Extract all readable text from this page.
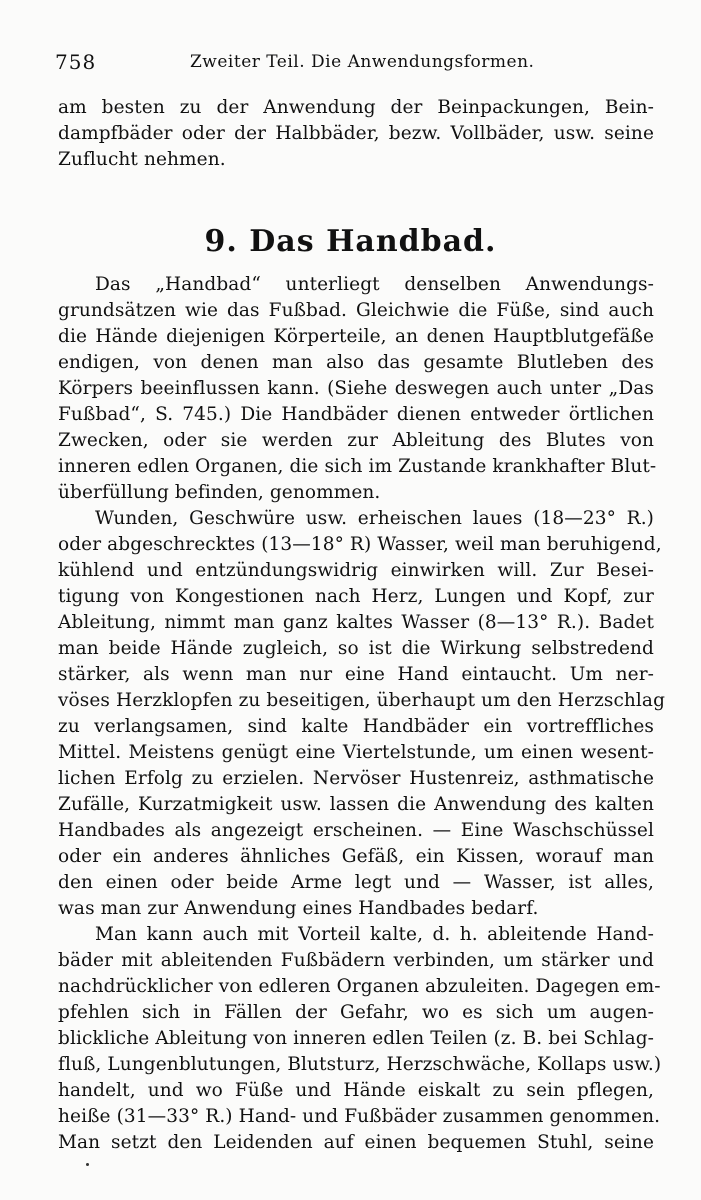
758	Zweiter Teil. Die Anwendungsformen.
am besten zu der Anwendung der Beinpackungen, Bein-
dampfbäder oder der Halbbäder, bezw. Vollbäder, usw. seine
Zuflucht nehmen.
9. Das Handbad.
Das „Handbad“ unterliegt denselben Anwendungs-
grundsätzen wie das Fußbad. Gleichwie die Füße, sind auch
die Hände diejenigen Körperteile, an denen Hauptblutgefäße
endigen, von denen man also das gesamte Blutleben des
Körpers beeinflussen kann. (Siehe deswegen auch unter „Das
Fußbad“, S. 745.) Die Handbäder dienen entweder örtlichen
Zwecken, oder sie werden zur Ableitung des Blutes von
inneren edlen Organen, die sich im Zustande krankhafter Blut-
überfüllung befinden, genommen.
Wunden, Geschwüre usw. erheischen laues (18—23° R.)
oder abgeschrecktes (13—18° R) Wasser, weil man beruhigend,
kühlend und entzündungswidrig einwirken will. Zur Besei-
tigung von Kongestionen nach Herz, Lungen und Kopf, zur
Ableitung, nimmt man ganz kaltes Wasser (8—13° R.). Badet
man beide Hände zugleich, so ist die Wirkung selbstredend
stärker, als wenn man nur eine Hand eintaucht. Um ner-
vöses Herzklopfen zu beseitigen, überhaupt um den Herzschlag
zu verlangsamen, sind kalte Handbäder ein vortreffliches
Mittel. Meistens genügt eine Viertelstunde, um einen wesent-
lichen Erfolg zu erzielen. Nervöser Hustenreiz, asthmatische
Zufälle, Kurzatmigkeit usw. lassen die Anwendung des kalten
Handbades als angezeigt erscheinen. — Eine Waschschüssel
oder ein anderes ähnliches Gefäß, ein Kissen, worauf man
den einen oder beide Arme legt und — Wasser, ist alles,
was man zur Anwendung eines Handbades bedarf.
Man kann auch mit Vorteil kalte, d. h. ableitende Hand-
bäder mit ableitenden Fußbädern verbinden, um stärker und
nachdrücklicher von edleren Organen abzuleiten. Dagegen em-
pfehlen sich in Fällen der Gefahr, wo es sich um augen-
blickliche Ableitung von inneren edlen Teilen (z. B. bei Schlag-
fluß, Lungenblutungen, Blutsturz, Herzschwäche, Kollaps usw.)
handelt, und wo Füße und Hände eiskalt zu sein pflegen,
heiße (31—33° R.) Hand- und Fußbäder zusammen genommen.
Man setzt den Leidenden auf einen bequemen Stuhl, seine
